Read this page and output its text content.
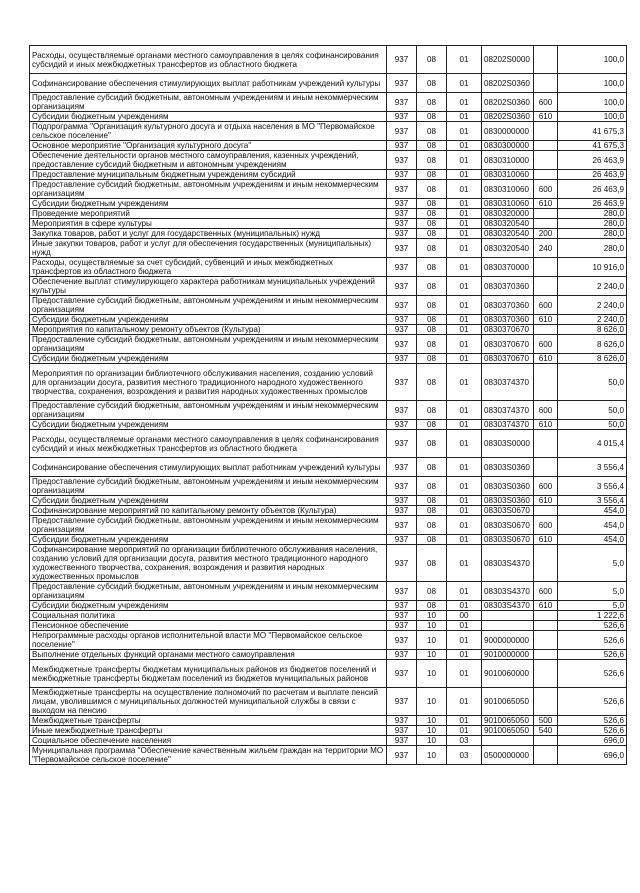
Расходы, осуществляемые органами местного самоуправления в целях софинансирования субсидий и иных межбюджетных трансфертов из областного бюджета	937	08	01	08202S0000		100,0
Софинансирование обеспечения стимулирующих выплат работникам учреждений культуры	937	08	01	08202S0360		100,0
Предоставление субсидий бюджетным, автономным учреждениям и иным некоммерческим организациям	937	08	01	08202S0360	600	100,0
Субсидии бюджетным учреждениям	937	08	01	08202S0360	610	100,0
Подпрограмма "Организация культурного досуга и отдыха населения в МО "Первомайское сельское поселение"	937	08	01	0830000000		41 675,3
Основное мероприятие "Организация культурного досуга"	937	08	01	0830300000		41 675,3
Обеспечение деятельности органов местного самоуправления, казенных учреждений, предоставление субсидий бюджетным и автономным учреждениям	937	08	01	0830310000		26 463,9
Предоставление муниципальным бюджетным учреждениям субсидий	937	08	01	0830310060		26 463,9
Предоставление субсидий бюджетным, автономным учреждениям и иным некоммерческим организациям	937	08	01	0830310060	600	26 463,9
Субсидии бюджетным учреждениям	937	08	01	0830310060	610	26 463,9
Проведение мероприятий	937	08	01	0830320000		280,0
Мероприятия в сфере культуры	937	08	01	0830320540		280,0
Закупка товаров, работ и услуг для государственных (муниципальных) нужд	937	08	01	0830320540	200	280,0
Иные закупки товаров, работ и услуг для обеспечения государственных (муниципальных) нужд	937	08	01	0830320540	240	280,0
Расходы, осуществляемые за счет субсидий, субвенций и иных межбюджетных трансфертов из областного бюджета	937	08	01	0830370000		10 916,0
Обеспечение выплат стимулирующего характера работникам муниципальных учреждений культуры	937	08	01	0830370360		2 240,0
Предоставление субсидий бюджетным, автономным учреждениям и иным некоммерческим организациям	937	08	01	0830370360	600	2 240,0
Субсидии бюджетным учреждениям	937	08	01	0830370360	610	2 240,0
Мероприятия по капитальному ремонту объектов (Культура)	937	08	01	0830370670		8 626,0
Предоставление субсидий бюджетным, автономным учреждениям и иным некоммерческим организациям	937	08	01	0830370670	600	8 626,0
Субсидии бюджетным учреждениям	937	08	01	0830370670	610	8 626,0
Мероприятия по организации библиотечного обслуживания населения, созданию условий для организации досуга, развития местного традиционного народного художественного творчества, сохранения, возрождения и развития народных художественных промыслов	937	08	01	0830374370		50,0
Предоставление субсидий бюджетным, автономным учреждениям и иным некоммерческим организациям	937	08	01	0830374370	600	50,0
Субсидии бюджетным учреждениям	937	08	01	0830374370	610	50,0
Расходы, осуществляемые органами местного самоуправления в целях софинансирования субсидий и иных межбюджетных трансфертов из областного бюджета	937	08	01	08303S0000		4 015,4
Софинансирование обеспечения стимулирующих выплат работникам учреждений культуры	937	08	01	08303S0360		3 556,4
Предоставление субсидий бюджетным, автономным учреждениям и иным некоммерческим организациям	937	08	01	08303S0360	600	3 556,4
Субсидии бюджетным учреждениям	937	08	01	08303S0360	610	3 556,4
Софинансирование мероприятий по капитальному ремонту объектов (Культура)	937	08	01	08303S0670		454,0
Предоставление субсидий бюджетным, автономным учреждениям и иным некоммерческим организациям	937	08	01	08303S0670	600	454,0
Субсидии бюджетным учреждениям	937	08	01	08303S0670	610	454,0
Софинансирование мероприятий по организации библиотечного обслуживания населения, созданию условий для организации досуга, развития местного традиционного народного художественного творчества, сохранения, возрождения и развития народных художественных промыслов	937	08	01	08303S4370		5,0
Предоставление субсидий бюджетным, автономным учреждениям и иным некоммерческим организациям	937	08	01	08303S4370	600	5,0
Субсидии бюджетным учреждениям	937	08	01	08303S4370	610	5,0
Социальная политика	937	10	00			1 222,6
Пенсионное обеспечение	937	10	01			526,6
Непрограммные расходы органов исполнительной власти МО "Первомайское сельское поселение"	937	10	01	9000000000		526,6
Выполнение отдельных функций органами местного самоуправления	937	10	01	9010000000		526,6
Межбюджетные трансферты бюджетам муниципальных районов из бюджетов поселений и межбюджетные трансферты бюджетам поселений из бюджетов муниципальных районов	937	10	01	9010060000		526,6
Межбюджетные трансферты на осуществление полномочий по расчетам и выплате пенсий лицам, уволившимся с муниципальных должностей муниципальной службы в связи с выходом на пенсию	937	10	01	9010065050		526,6
Межбюджетные трансферты	937	10	01	9010065050	500	526,6
Иные межбюджетные трансферты	937	10	01	9010065050	540	526,6
Социальное обеспечение населения	937	10	03			696,0
Муниципальная программа "Обеспечение качественным жильем граждан на территории МО "Первомайское сельское поселение"	937	10	03	0500000000		696,0
